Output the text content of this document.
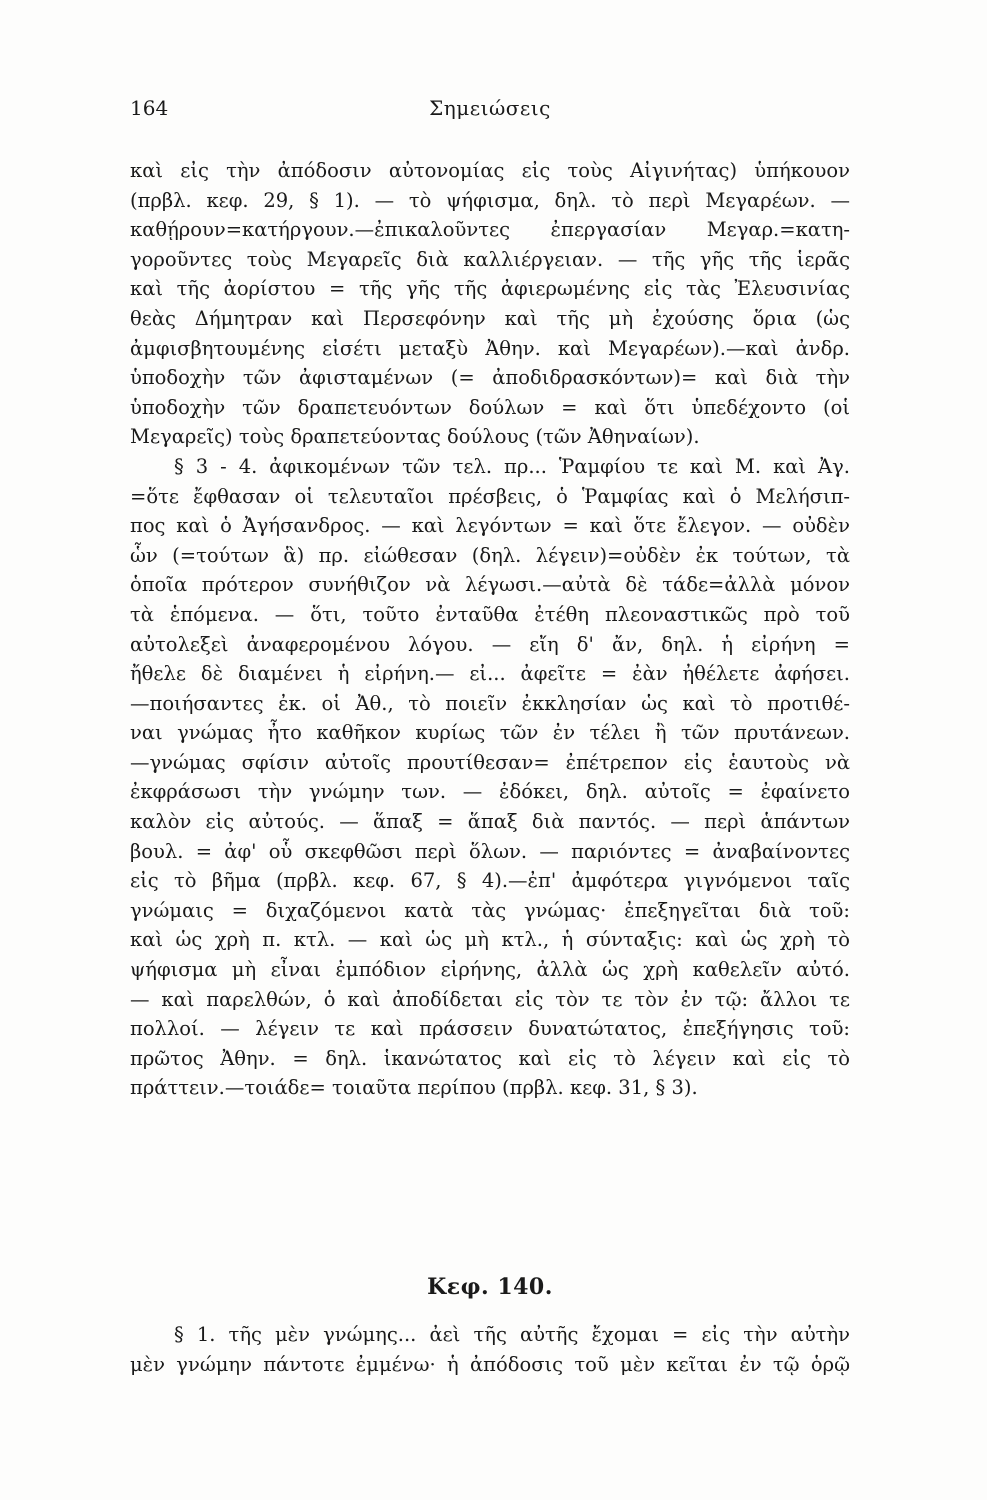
164	Σημειώσεις
καὶ εἰς τὴν ἀπόδοσιν αὐτονομίας εἰς τοὺς Αἰγινήτας) ὑπήκουον
(πρβλ. κεφ. 29, § 1). — τὸ ψήφισμα, δηλ. τὸ περὶ Μεγαρέων. —
καθῄρουν=κατήργουν.—ἐπικαλοῦντες ἐπεργασίαν Μεγαρ.=κατη-
γοροῦντες τοὺς Μεγαρεῖς διὰ καλλιέργειαν. — τῆς γῆς τῆς ἱερᾶς
καὶ τῆς ἀορίστου = τῆς γῆς τῆς ἀφιερωμένης εἰς τὰς Ἐλευσινίας
θεὰς Δήμητραν καὶ Περσεφόνην καὶ τῆς μὴ ἐχούσης ὅρια (ὡς
ἀμφισβητουμένης εἰσέτι μεταξὺ Ἀθην. καὶ Μεγαρέων).—καὶ ἀνδρ.
ὑποδοχὴν τῶν ἀφισταμένων (= ἀποδιδρασκόντων)= καὶ διὰ τὴν
ὑποδοχὴν τῶν δραπετευόντων δούλων = καὶ ὅτι ὑπεδέχοντο (οἱ
Μεγαρεῖς) τοὺς δραπετεύοντας δούλους (τῶν Ἀθηναίων).
§ 3 - 4. ἀφικομένων τῶν τελ. πρ... Ῥαμφίου τε καὶ Μ. καὶ Ἀγ.
=ὅτε ἔφθασαν οἱ τελευταῖοι πρέσβεις, ὁ Ῥαμφίας καὶ ὁ Μελήσιπ-
πος καὶ ὁ Ἀγήσανδρος. — καὶ λεγόντων = καὶ ὅτε ἔλεγον. — οὐδὲν
ὧν (=τούτων ἃ) πρ. εἰώθεσαν (δηλ. λέγειν)=οὐδὲν ἐκ τούτων, τὰ
ὁποῖα πρότερον συνήθιζον νὰ λέγωσι.—αὐτὰ δὲ τάδε=ἀλλὰ μόνον
τὰ ἑπόμενα. — ὅτι, τοῦτο ἐνταῦθα ἐτέθη πλεοναστικῶς πρὸ τοῦ
αὐτολεξεὶ ἀναφερομένου λόγου. — εἴη δ' ἄν, δηλ. ἡ εἰρήνη =
ἤθελε δὲ διαμένει ἡ εἰρήνη.— εἰ... ἀφεῖτε = ἐὰν ἠθέλετε ἀφήσει.
—ποιήσαντες ἐκ. οἱ Ἀθ., τὸ ποιεῖν ἐκκλησίαν ὡς καὶ τὸ προτιθέ-
ναι γνώμας ἦτο καθῆκον κυρίως τῶν ἐν τέλει ἢ τῶν πρυτάνεων.
—γνώμας σφίσιν αὐτοῖς προυτίθεσαν= ἐπέτρεπον εἰς ἑαυτοὺς νὰ
ἐκφράσωσι τὴν γνώμην των. — ἐδόκει, δηλ. αὐτοῖς = ἐφαίνετο
καλὸν εἰς αὐτούς. — ἅπαξ = ἅπαξ διὰ παντός. — περὶ ἁπάντων
βουλ. = ἀφ' οὗ σκεφθῶσι περὶ ὅλων. — παριόντες = ἀναβαίνοντες
εἰς τὸ βῆμα (πρβλ. κεφ. 67, § 4).—ἐπ' ἀμφότερα γιγνόμενοι ταῖς
γνώμαις = διχαζόμενοι κατὰ τὰς γνώμας· ἐπεξηγεῖται διὰ τοῦ:
καὶ ὡς χρὴ π. κτλ. — καὶ ὡς μὴ κτλ., ἡ σύνταξις: καὶ ὡς χρὴ τὸ
ψήφισμα μὴ εἶναι ἐμπόδιον εἰρήνης, ἀλλὰ ὡς χρὴ καθελεῖν αὐτό.
— καὶ παρελθών, ὁ καὶ ἀποδίδεται εἰς τὸν τε τὸν ἐν τῷ: ἄλλοι τε
πολλοί. — λέγειν τε καὶ πράσσειν δυνατώτατος, ἐπεξήγησις τοῦ:
πρῶτος Ἀθην. = δηλ. ἱκανώτατος καὶ εἰς τὸ λέγειν καὶ εἰς τὸ
πράττειν.—τοιάδε= τοιαῦτα περίπου (πρβλ. κεφ. 31, § 3).
Κεφ. 140.
§ 1. τῆς μὲν γνώμης... ἀεὶ τῆς αὐτῆς ἔχομαι = εἰς τὴν αὐτὴν
μὲν γνώμην πάντοτε ἐμμένω· ἡ ἀπόδοσις τοῦ μὲν κεῖται ἐν τῷ ὁρῷ
